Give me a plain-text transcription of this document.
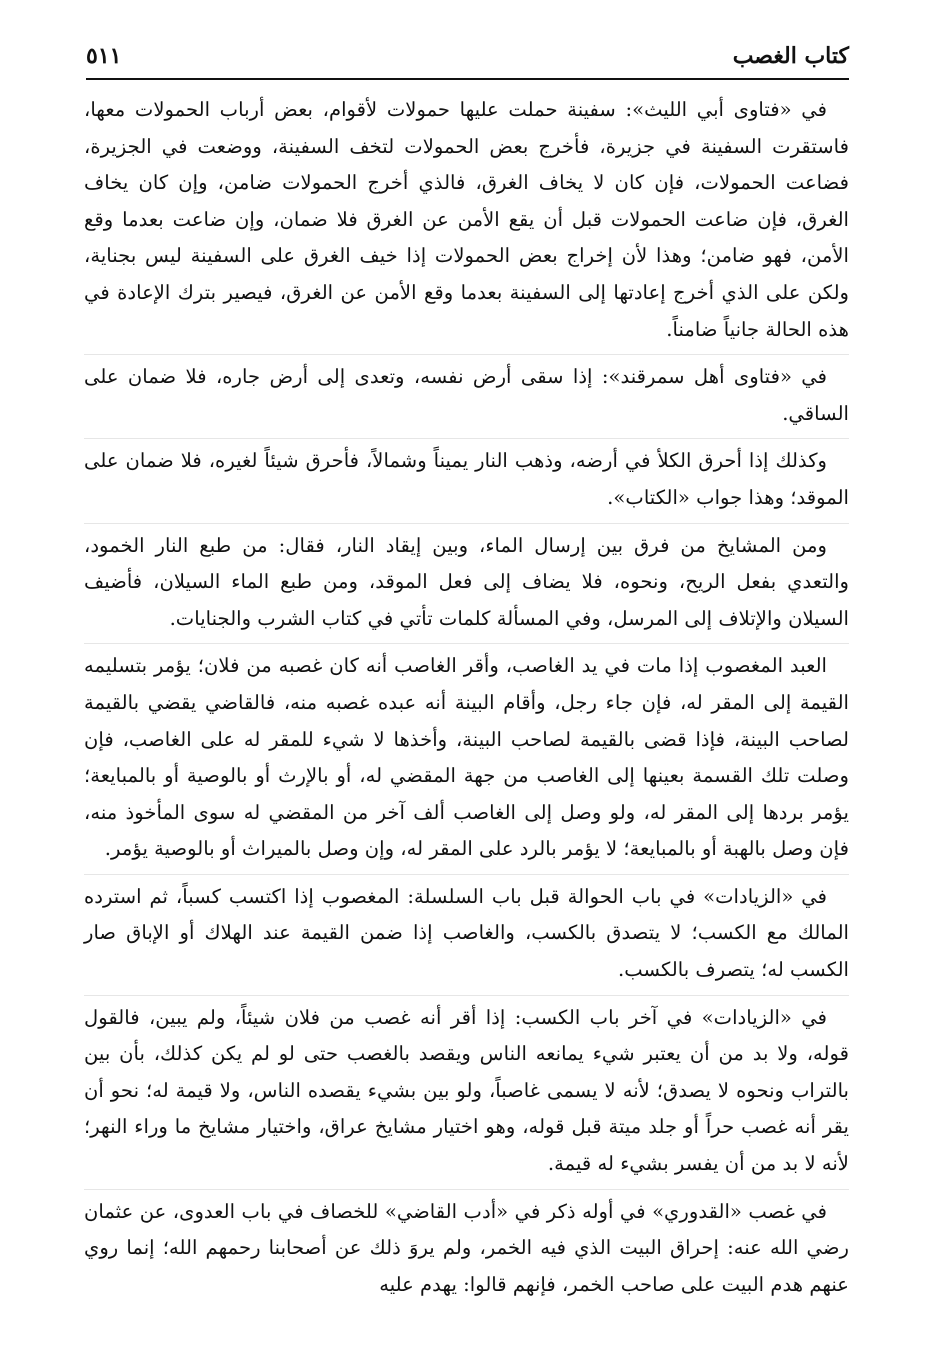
كتاب الغصب
٥١١

في «فتاوى أبي الليث»: سفينة حملت عليها حمولات لأقوام، بعض أرباب الحمولات معها، فاستقرت السفينة في جزيرة، فأخرج بعض الحمولات لتخف السفينة، ووضعت في الجزيرة، فضاعت الحمولات، فإن كان لا يخاف الغرق، فالذي أخرج الحمولات ضامن، وإن كان يخاف الغرق، فإن ضاعت الحمولات قبل أن يقع الأمن عن الغرق فلا ضمان، وإن ضاعت بعدما وقع الأمن، فهو ضامن؛ وهذا لأن إخراج بعض الحمولات إذا خيف الغرق على السفينة ليس بجناية، ولكن على الذي أخرج إعادتها إلى السفينة بعدما وقع الأمن عن الغرق، فيصير بترك الإعادة في هذه الحالة جانياً ضامناً.

في «فتاوى أهل سمرقند»: إذا سقى أرض نفسه، وتعدى إلى أرض جاره، فلا ضمان على الساقي.

وكذلك إذا أحرق الكلأ في أرضه، وذهب النار يميناً وشمالاً، فأحرق شيئاً لغيره، فلا ضمان على الموقد؛ وهذا جواب «الكتاب».

ومن المشايخ من فرق بين إرسال الماء، وبين إيقاد النار، فقال: من طبع النار الخمود، والتعدي بفعل الريح، ونحوه، فلا يضاف إلى فعل الموقد، ومن طبع الماء السيلان، فأضيف السيلان والإتلاف إلى المرسل، وفي المسألة كلمات تأتي في كتاب الشرب والجنايات.

العبد المغصوب إذا مات في يد الغاصب، وأقر الغاصب أنه كان غصبه من فلان؛ يؤمر بتسليمه القيمة إلى المقر له، فإن جاء رجل، وأقام البينة أنه عبده غصبه منه، فالقاضي يقضي بالقيمة لصاحب البينة، فإذا قضى بالقيمة لصاحب البينة، وأخذها لا شيء للمقر له على الغاصب، فإن وصلت تلك القسمة بعينها إلى الغاصب من جهة المقضي له، أو بالإرث أو بالوصية أو بالمبايعة؛ يؤمر بردها إلى المقر له، ولو وصل إلى الغاصب ألف آخر من المقضي له سوى المأخوذ منه، فإن وصل بالهبة أو بالمبايعة؛ لا يؤمر بالرد على المقر له، وإن وصل بالميراث أو بالوصية يؤمر.

في «الزيادات» في باب الحوالة قبل باب السلسلة: المغصوب إذا اكتسب كسباً، ثم استرده المالك مع الكسب؛ لا يتصدق بالكسب، والغاصب إذا ضمن القيمة عند الهلاك أو الإباق صار الكسب له؛ يتصرف بالكسب.

في «الزيادات» في آخر باب الكسب: إذا أقر أنه غصب من فلان شيئاً، ولم يبين، فالقول قوله، ولا بد من أن يعتبر شيء يمانعه الناس ويقصد بالغصب حتى لو لم يكن كذلك، بأن بين بالتراب ونحوه لا يصدق؛ لأنه لا يسمى غاصباً، ولو بين بشيء يقصده الناس، ولا قيمة له؛ نحو أن يقر أنه غصب حراً أو جلد ميتة قبل قوله، وهو اختيار مشايخ عراق، واختيار مشايخ ما وراء النهر؛ لأنه لا بد من أن يفسر بشيء له قيمة.

في غصب «القدوري» في أوله ذكر في «أدب القاضي» للخصاف في باب العدوى، عن عثمان رضي الله عنه: إحراق البيت الذي فيه الخمر، ولم يروَ ذلك عن أصحابنا رحمهم الله؛ إنما روي عنهم هدم البيت على صاحب الخمر، فإنهم قالوا: يهدم عليه
